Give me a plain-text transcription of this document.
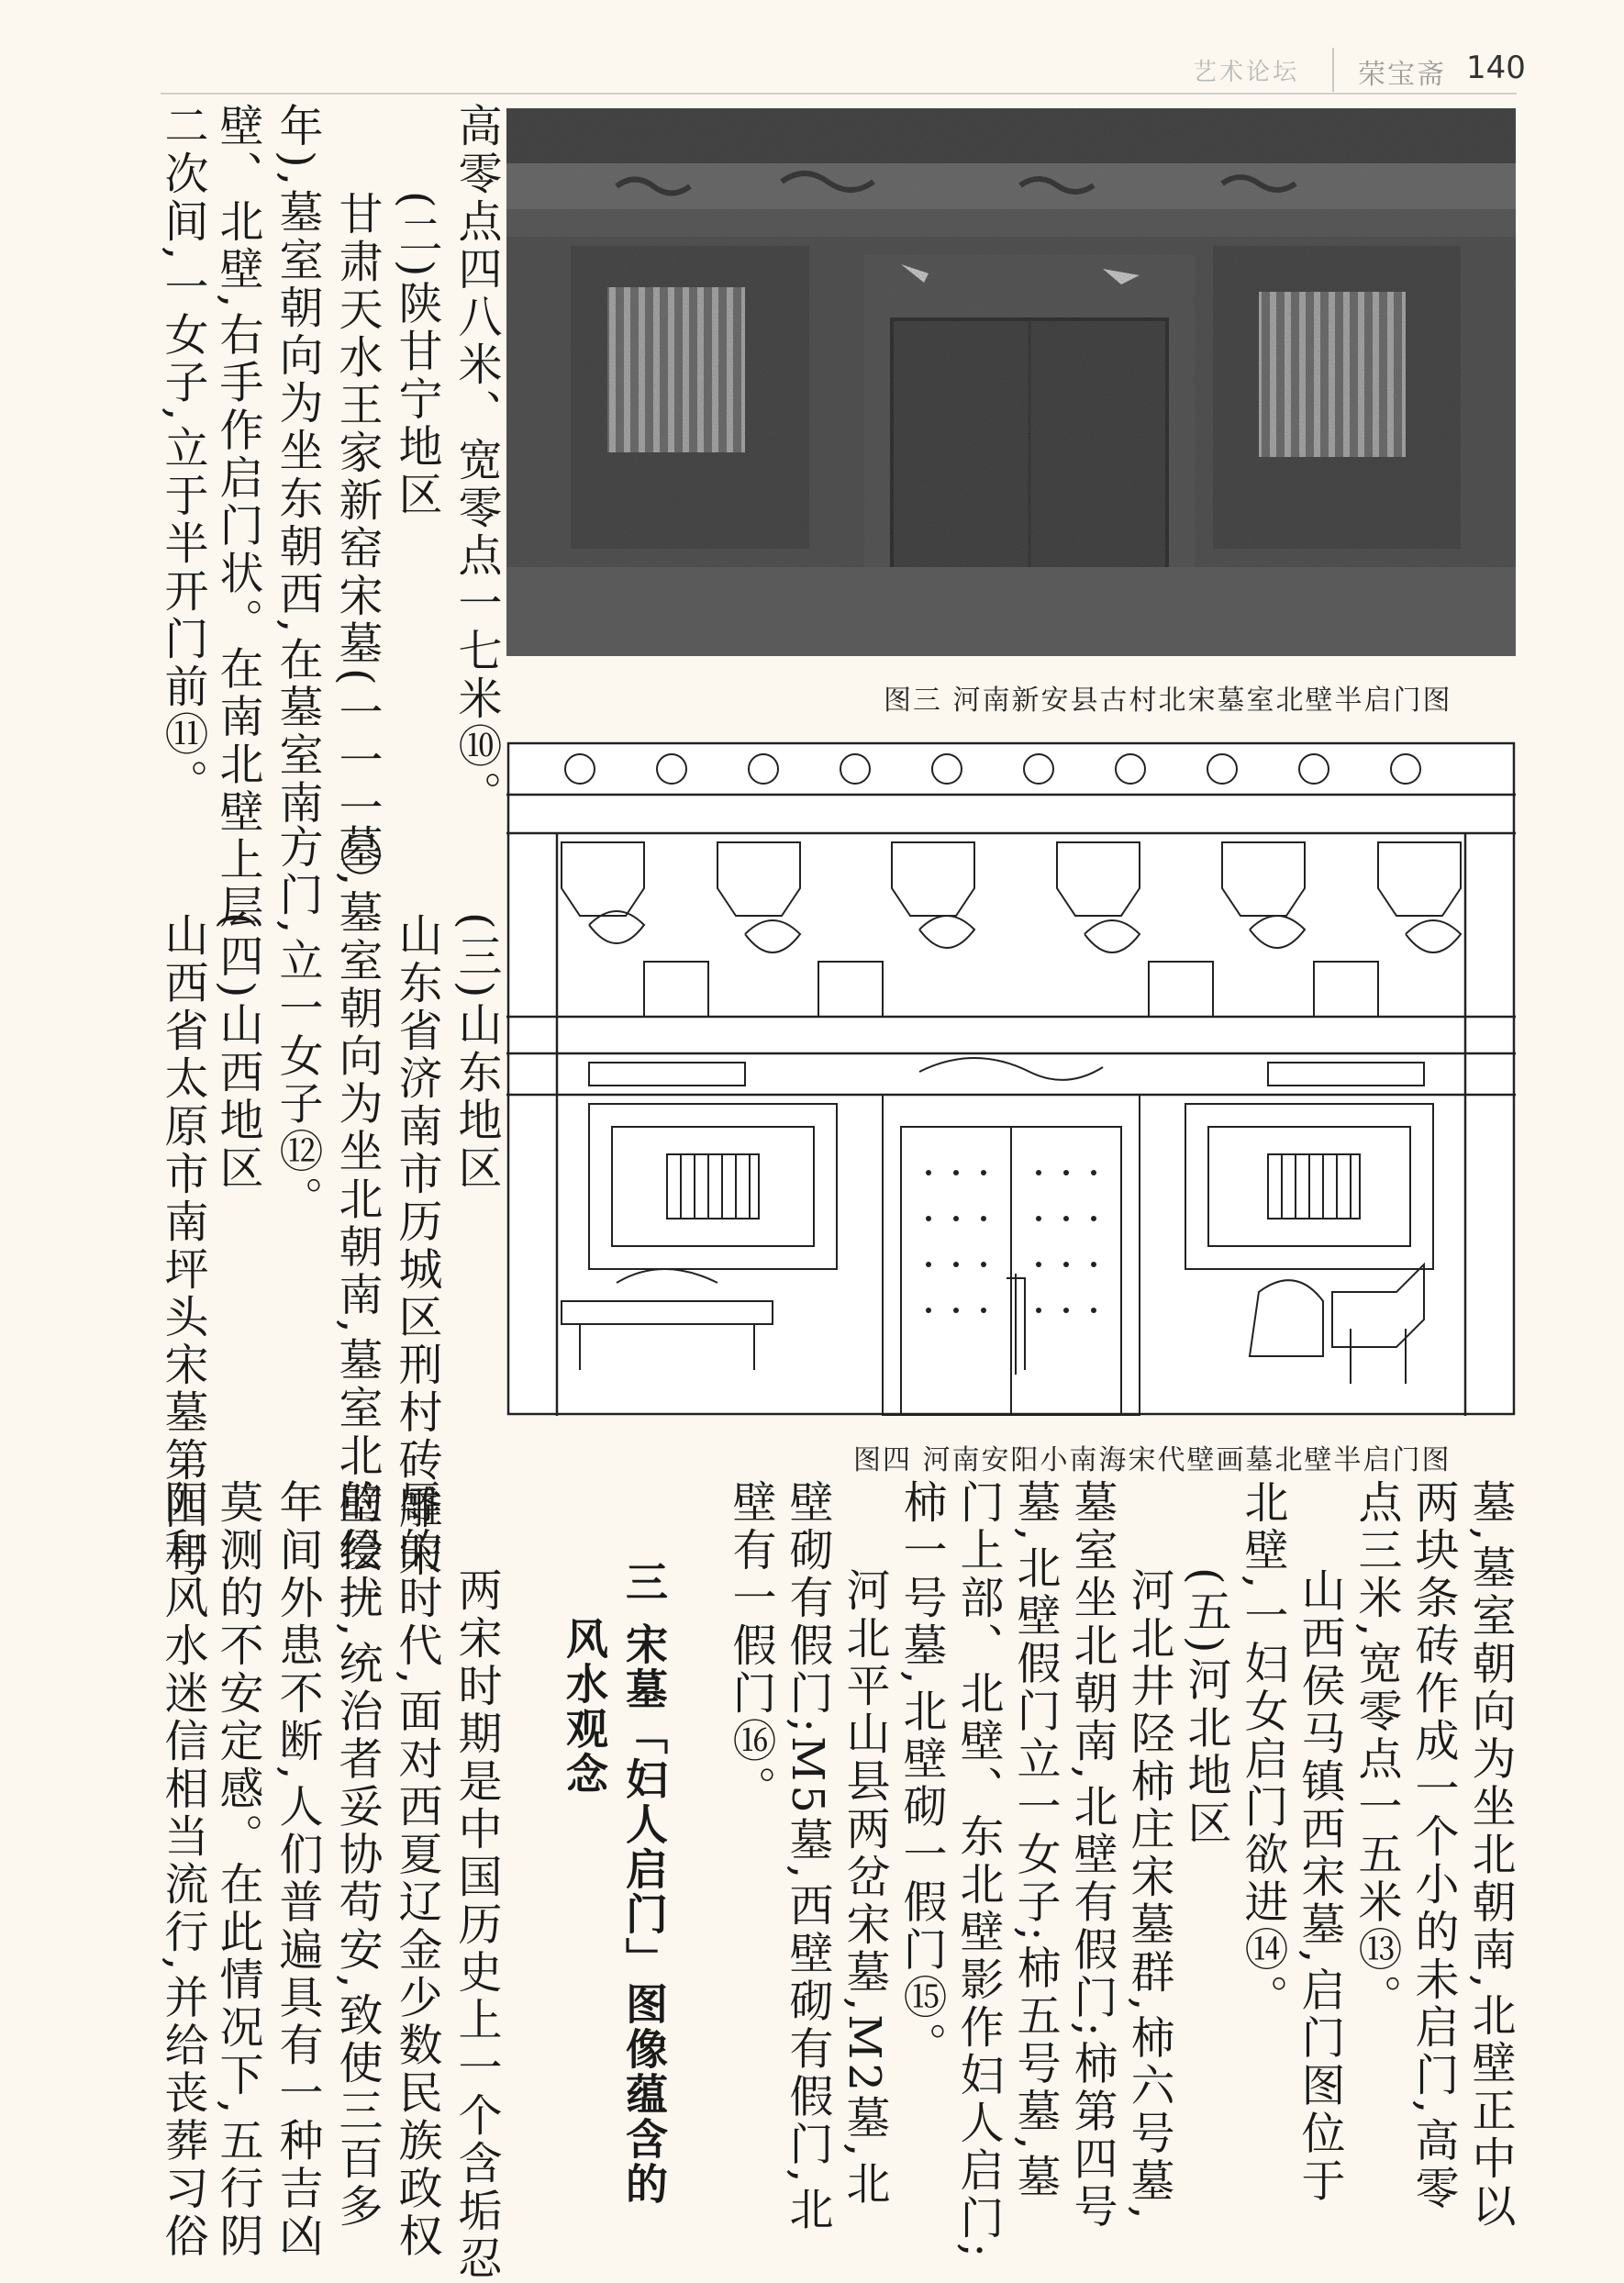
艺术论坛 荣宝斋 140
图三 河南新安县古村北宋墓室北壁半启门图
图四 河南安阳小南海宋代壁画墓北壁半启门图
高零点四八米、宽零点一七米⑩。
(二)陕甘宁地区
甘肃天水王家新窑宋墓(一一一〇
年),墓室朝向为坐东朝西,在墓室南
壁、北壁,右手作启门状。在南北壁上层
二次间,一女子,立于半开门前⑪。
(三)山东地区
山东省济南市历城区刑村砖雕宋
墓,墓室朝向为坐北朝南,墓室北壁绘一
方门,立一女子⑫。
(四)山西地区
山西省太原市南坪头宋墓第四号
墓,墓室朝向为坐北朝南,北壁正中以
两块条砖作成一个小的未启门,高零
点三米,宽零点一五米⑬。
山西侯马镇西宋墓,启门图位于
北壁,一妇女启门欲进⑭。
(五)河北地区
河北井陉柿庄宋墓群,柿六号墓,
墓室坐北朝南,北壁有假门;柿第四号
墓,北壁假门立一女子;柿五号墓,墓
门上部、北壁、东北壁影作妇人启门;
柿一号墓,北壁砌一假门⑮。
河北平山县两岔宋墓,M2墓,北
壁砌有假门;M5墓,西壁砌有假门,北
壁有一假门⑯。
三 宋墓「妇人启门」图像蕴含的
风水观念
两宋时期是中国历史上一个含垢忍
辱的时代,面对西夏辽金少数民族政权
的侵扰,统治者妥协苟安,致使三百多
年间外患不断,人们普遍具有一种吉凶
莫测的不安定感。在此情况下,五行阴
阳和风水迷信相当流行,并给丧葬习俗
